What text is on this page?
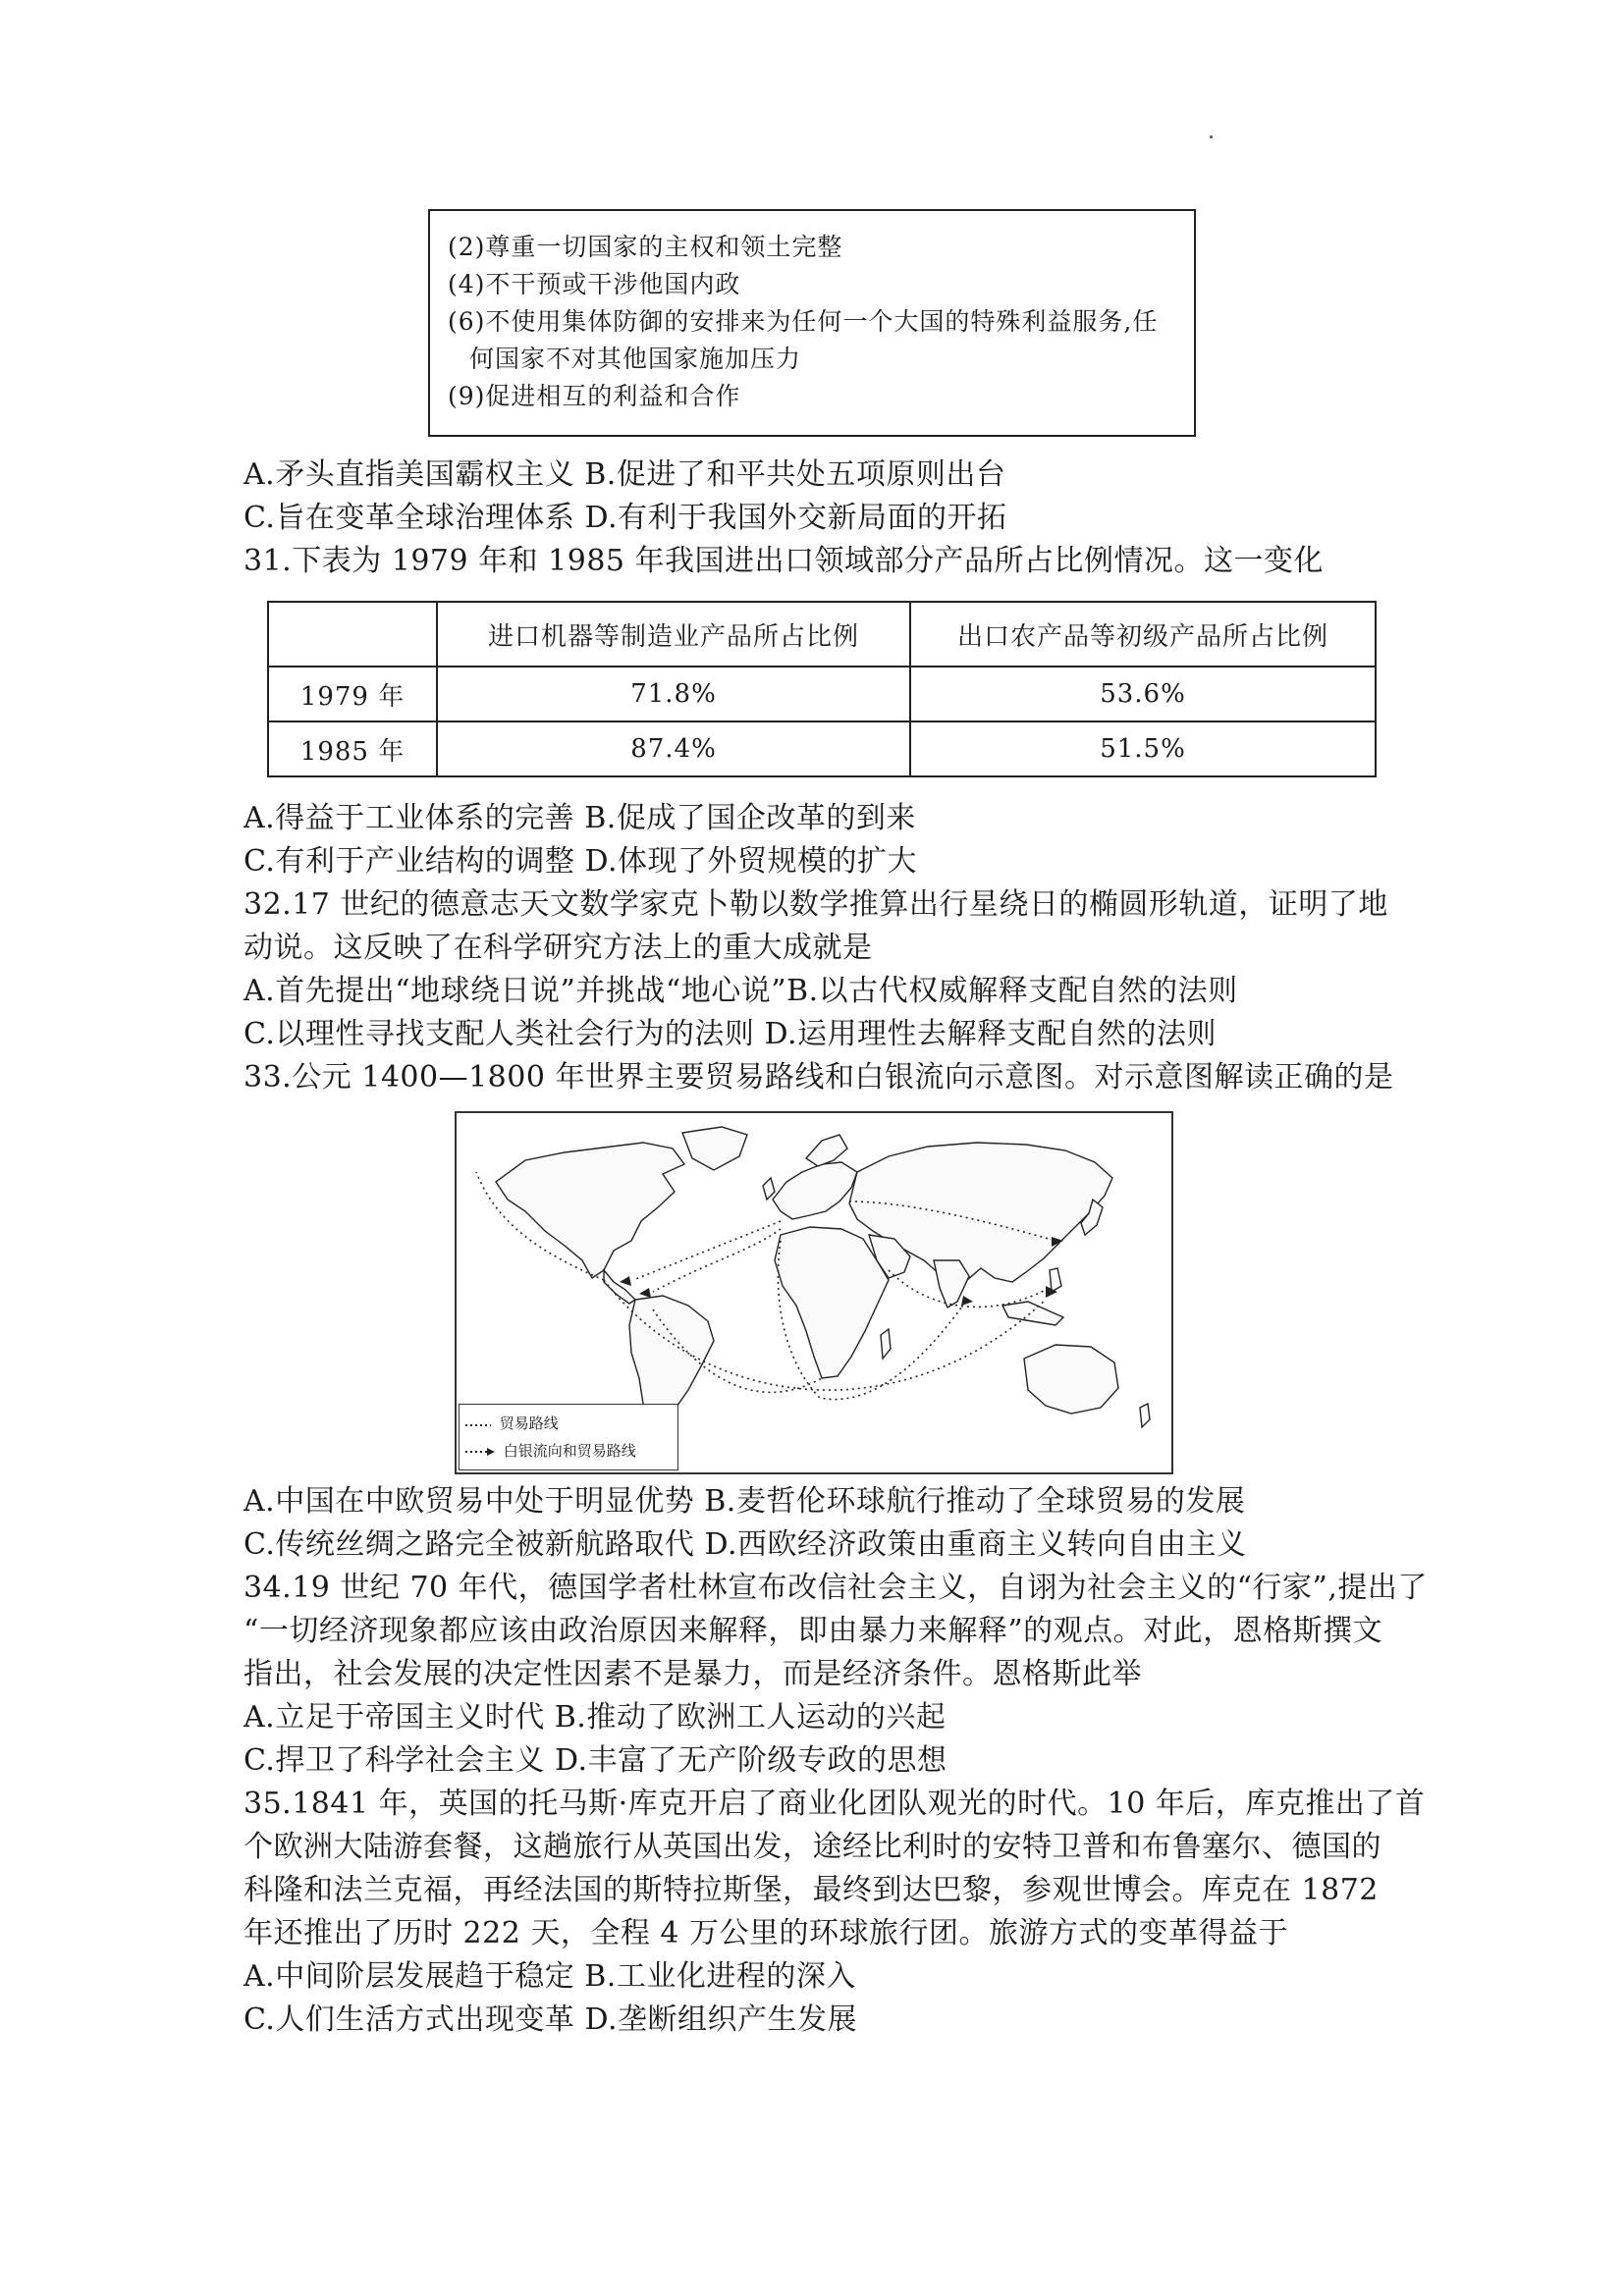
(2)尊重一切国家的主权和领土完整
(4)不干预或干涉他国内政
(6)不使用集体防御的安排来为任何一个大国的特殊利益服务,任
何国家不对其他国家施加压力
(9)促进相互的利益和合作
A.矛头直指美国霸权主义 B.促进了和平共处五项原则出台
C.旨在变革全球治理体系 D.有利于我国外交新局面的开拓
31.下表为 1979 年和 1985 年我国进出口领域部分产品所占比例情况。这一变化
	进口机器等制造业产品所占比例	出口农产品等初级产品所占比例
1979 年	71.8%	53.6%
1985 年	87.4%	51.5%
A.得益于工业体系的完善 B.促成了国企改革的到来
C.有利于产业结构的调整 D.体现了外贸规模的扩大
32.17 世纪的德意志天文数学家克卜勒以数学推算出行星绕日的椭圆形轨道，证明了地
动说。这反映了在科学研究方法上的重大成就是
A.首先提出“地球绕日说”并挑战“地心说”B.以古代权威解释支配自然的法则
C.以理性寻找支配人类社会行为的法则 D.运用理性去解释支配自然的法则
33.公元 1400—1800 年世界主要贸易路线和白银流向示意图。对示意图解读正确的是
贸易路线
白银流向和贸易路线
A.中国在中欧贸易中处于明显优势 B.麦哲伦环球航行推动了全球贸易的发展
C.传统丝绸之路完全被新航路取代 D.西欧经济政策由重商主义转向自由主义
34.19 世纪 70 年代，德国学者杜林宣布改信社会主义，自诩为社会主义的“行家”,提出了
“一切经济现象都应该由政治原因来解释，即由暴力来解释”的观点。对此，恩格斯撰文
指出，社会发展的决定性因素不是暴力，而是经济条件。恩格斯此举
A.立足于帝国主义时代 B.推动了欧洲工人运动的兴起
C.捍卫了科学社会主义 D.丰富了无产阶级专政的思想
35.1841 年，英国的托马斯·库克开启了商业化团队观光的时代。10 年后，库克推出了首
个欧洲大陆游套餐，这趟旅行从英国出发，途经比利时的安特卫普和布鲁塞尔、德国的
科隆和法兰克福，再经法国的斯特拉斯堡，最终到达巴黎，参观世博会。库克在 1872
年还推出了历时 222 天，全程 4 万公里的环球旅行团。旅游方式的变革得益于
A.中间阶层发展趋于稳定 B.工业化进程的深入
C.人们生活方式出现变革 D.垄断组织产生发展
